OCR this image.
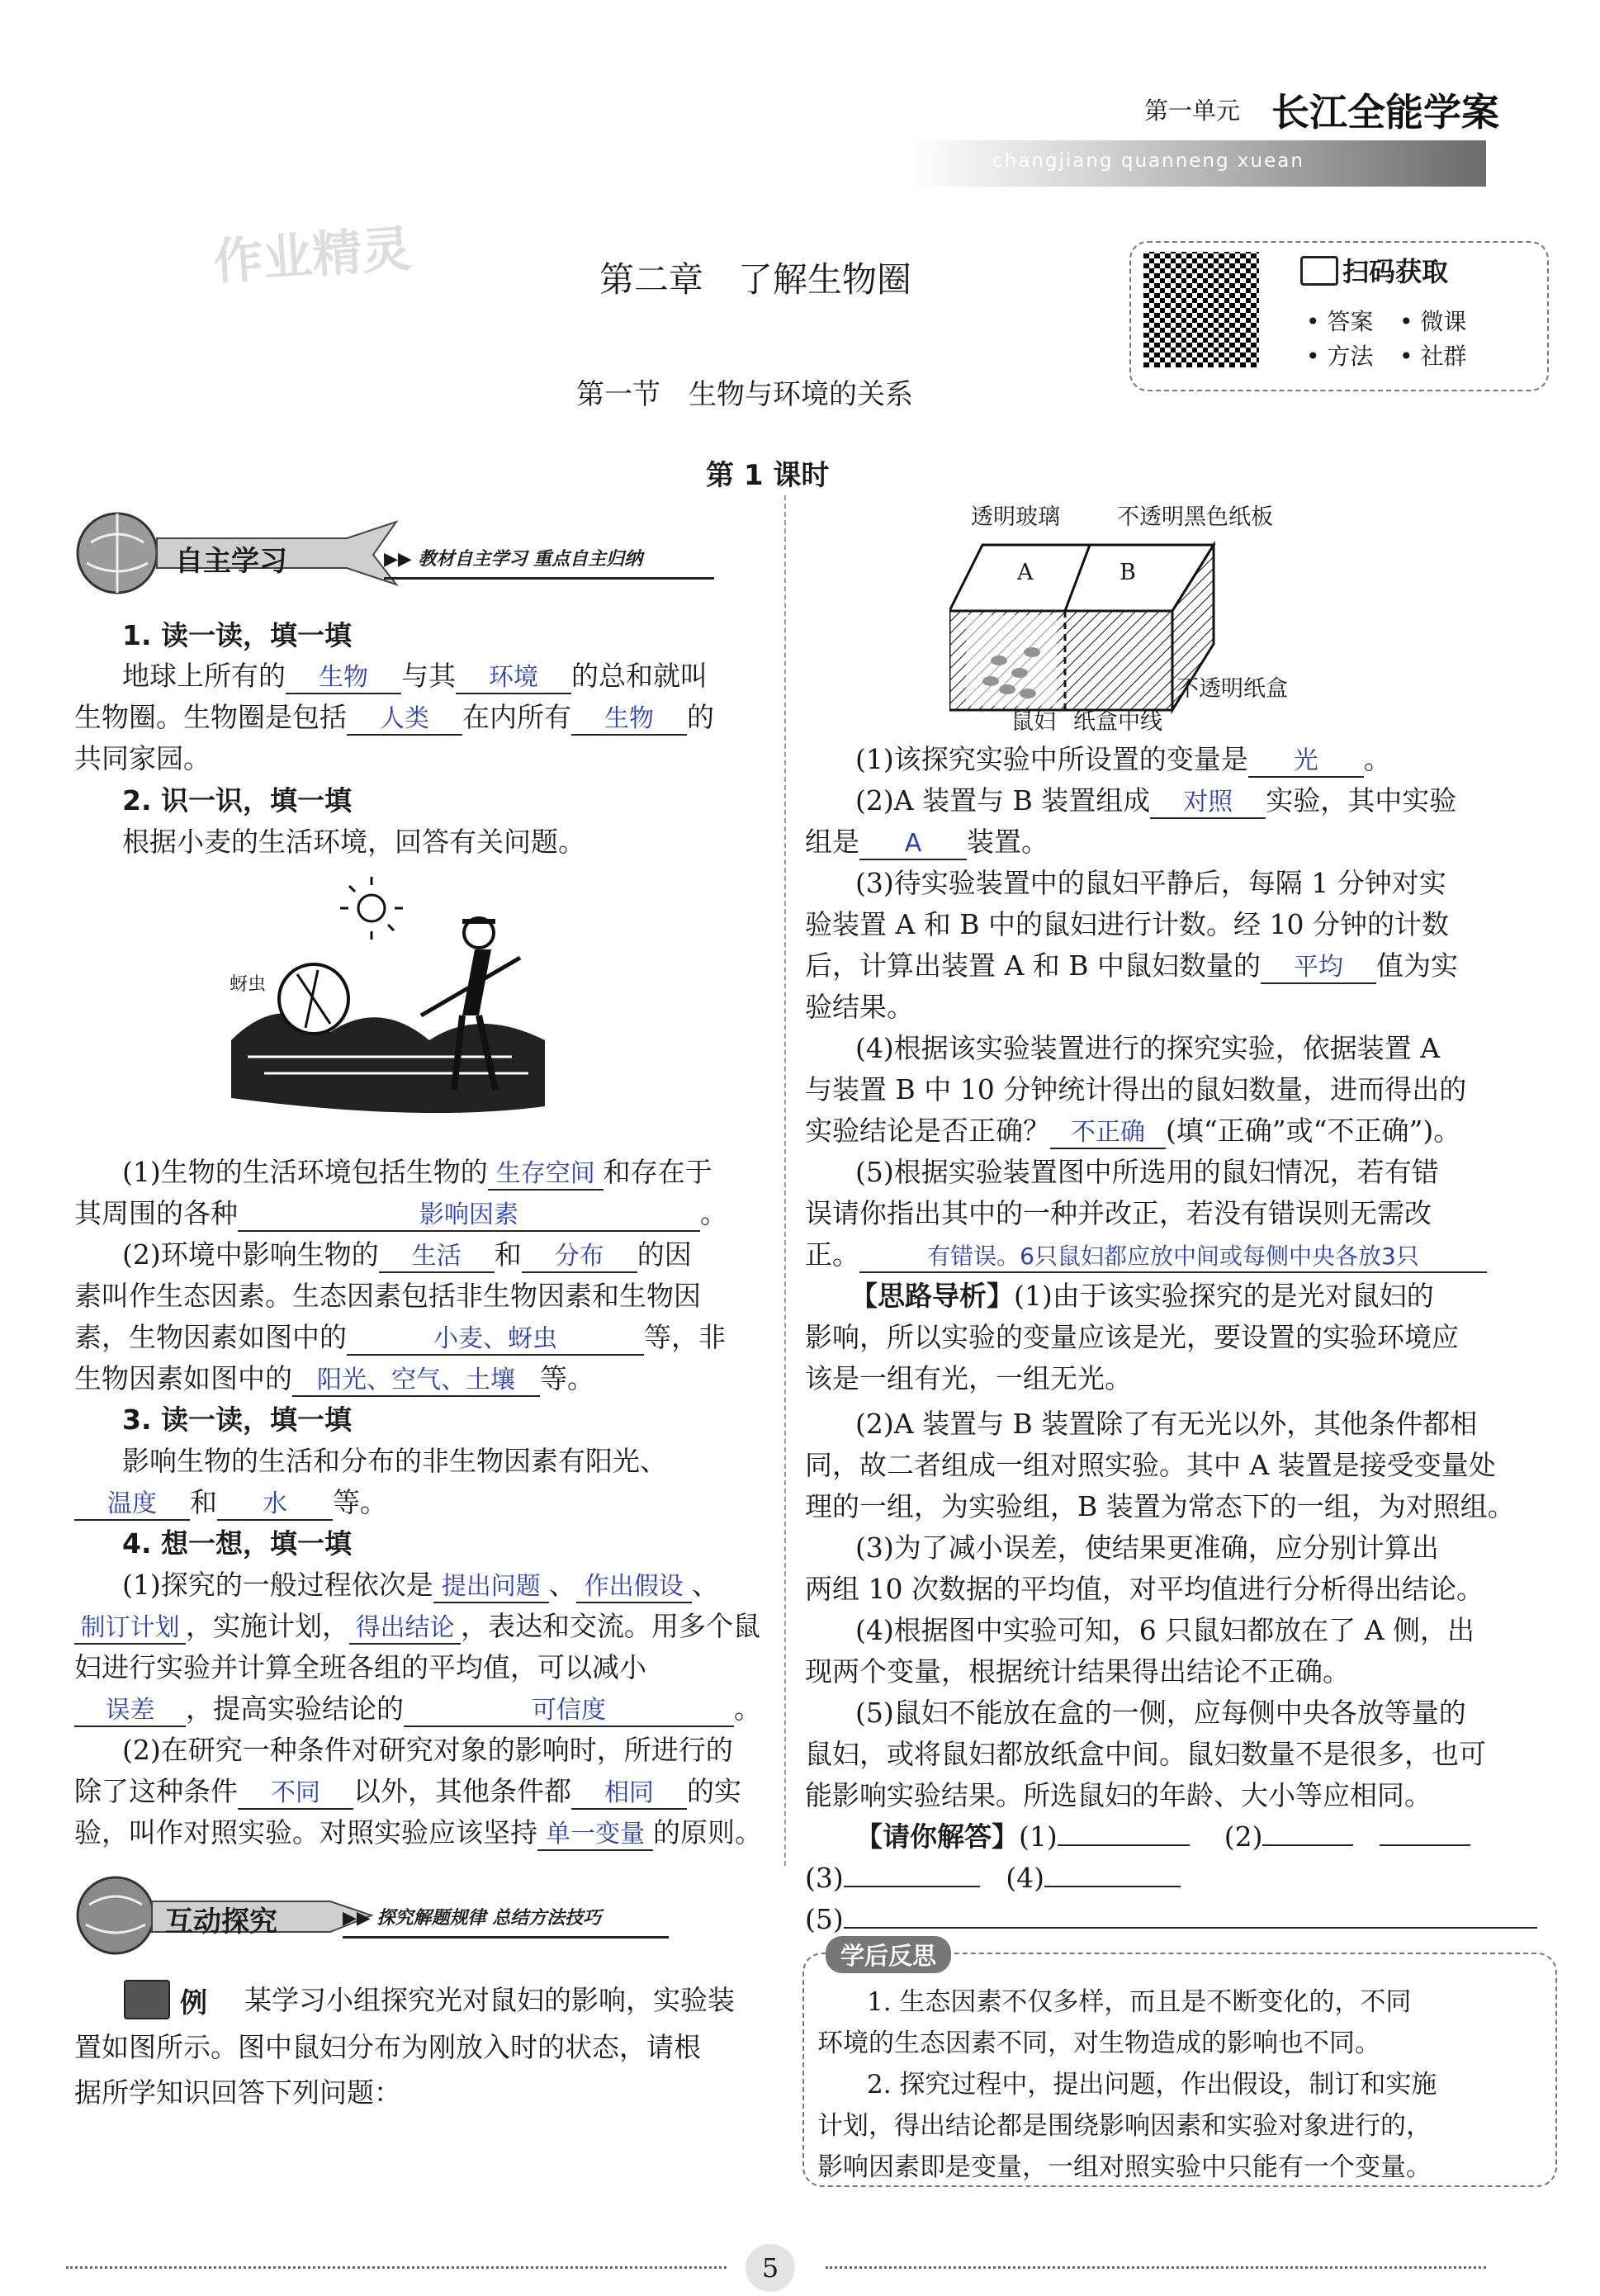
第一单元
changjiang quanneng xuean
长江全能学案
作业精灵	扫码获取
• 答案 • 微课
• 方法 • 社群
第二章　了解生物圈
第一节　生物与环境的关系
第 1 课时
自主学习	▶▶ 教材自主学习 重点自主归纳
1. 读一读，填一填
地球上所有的 生物 与其 环境 的总和就叫
生物圈。生物圈是包括 人类 在内所有 生物 的
共同家园。
2. 识一识，填一填
根据小麦的生活环境，回答有关问题。
蚜虫
(1)生物的生活环境包括生物的 生存空间 和存在于
其周围的各种	影响因素	。
(2)环境中影响生物的 生活 和 分布 的因
素叫作生态因素。生态因素包括非生物因素和生物因
素，生物因素如图中的	小麦、蚜虫	等，非
生物因素如图中的 阳光、空气、土壤 等。
3. 读一读，填一填
影响生物的生活和分布的非生物因素有阳光、
温度 和 水 等。
4. 想一想，填一填
(1)探究的一般过程依次是 提出问题 、 作出假设 、
制订计划 ，实施计划， 得出结论 ，表达和交流。用多个鼠
妇进行实验并计算全班各组的平均值，可以减小
误差 ，提高实验结论的	可信度	。
(2)在研究一种条件对研究对象的影响时，所进行的
除了这种条件 不同 以外，其他条件都 相同 的实
验，叫作对照实验。对照实验应该坚持 单一变量 的原则。
互动探究	▶▶ 探究解题规律 总结方法技巧
例 某学习小组探究光对鼠妇的影响，实验装
置如图所示。图中鼠妇分布为刚放入时的状态，请根
据所学知识回答下列问题：
透明玻璃	不透明黑色纸板
A	B
不透明纸盒
鼠妇 纸盒中线
(1)该探究实验中所设置的变量是 光 。
(2)A 装置与 B 装置组成 对照 实验，其中实验
组是 A 装置。
(3)待实验装置中的鼠妇平静后，每隔 1 分钟对实
验装置 A 和 B 中的鼠妇进行计数。经 10 分钟的计数
后，计算出装置 A 和 B 中鼠妇数量的 平均 值为实
验结果。
(4)根据该实验装置进行的探究实验，依据装置 A
与装置 B 中 10 分钟统计得出的鼠妇数量，进而得出的
实验结论是否正确？ 不正确 (填“正确”或“不正确”)。
(5)根据实验装置图中所选用的鼠妇情况，若有错
误请你指出其中的一种并改正，若没有错误则无需改
正。	有错误。6只鼠妇都应放中间或每侧中央各放3只
【思路导析】(1)由于该实验探究的是光对鼠妇的
影响，所以实验的变量应该是光，要设置的实验环境应
该是一组有光，一组无光。
(2)A 装置与 B 装置除了有无光以外，其他条件都相
同，故二者组成一组对照实验。其中 A 装置是接受变量处
理的一组，为实验组，B 装置为常态下的一组，为对照组。
(3)为了减小误差，使结果更准确，应分别计算出
两组 10 次数据的平均值，对平均值进行分析得出结论。
(4)根据图中实验可知，6 只鼠妇都放在了 A 侧，出
现两个变量，根据统计结果得出结论不正确。
(5)鼠妇不能放在盒的一侧，应每侧中央各放等量的
鼠妇，或将鼠妇都放纸盒中间。鼠妇数量不是很多，也可
能影响实验结果。所选鼠妇的年龄、大小等应相同。
【请你解答】(1)	(2)
(3)	(4)
(5)
学后反思
1. 生态因素不仅多样，而且是不断变化的，不同
环境的生态因素不同，对生物造成的影响也不同。
2. 探究过程中，提出问题，作出假设，制订和实施
计划，得出结论都是围绕影响因素和实验对象进行的，
影响因素即是变量，一组对照实验中只能有一个变量。
5
